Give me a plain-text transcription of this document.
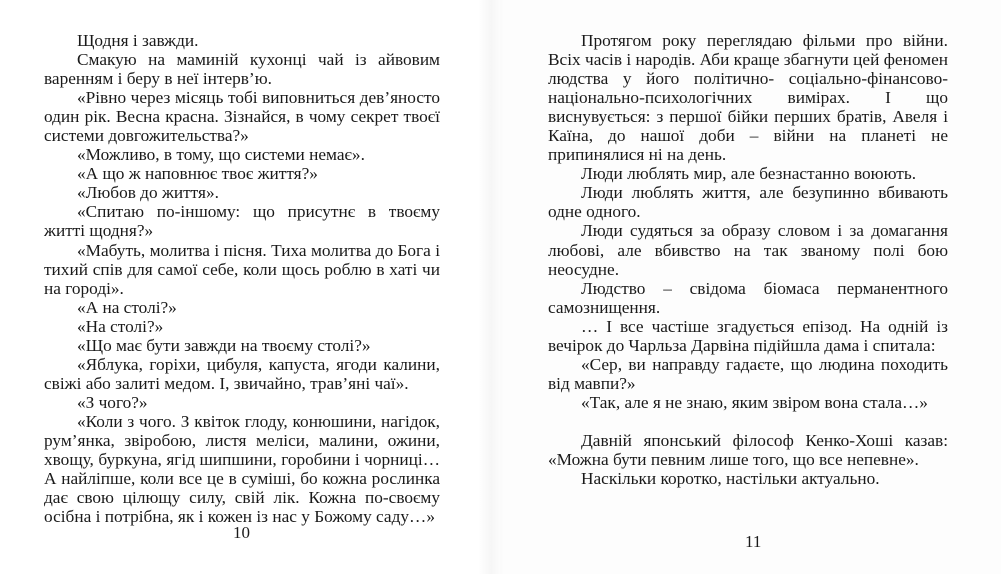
Щодня і завжди.

Смакую на маминій кухонці чай із айвовим варенням і беру в неї інтерв’ю.

«Рівно через місяць тобі виповниться дев’яносто один рік. Весна красна. Зізнайся, в чому секрет твоєї системи довгожительства?»

«Можливо, в тому, що системи немає».

«А що ж наповнює твоє життя?»

«Любов до життя».

«Спитаю по-іншому: що присутнє в твоєму житті щодня?»

«Мабуть, молитва і пісня. Тиха молитва до Бога і тихий спів для самої себе, коли щось роблю в хаті чи на городі».

«А на столі?»

«На столі?»

«Що має бути завжди на твоєму столі?»

«Яблука, горіхи, цибуля, капуста, ягоди калини, свіжі або залиті медом. І, звичайно, трав’яні чаї».

«З чого?»

«Коли з чого. З квіток глоду, конюшини, нагідок, рум’янка, звіробою, листя меліси, малини, ожини, хвощу, буркуна, ягід шипшини, горобини і чорниці… А найліпше, коли все це в суміші, бо кожна рослинка дає свою цілющу силу, свій лік. Кожна по-своєму осібна і потрібна, як і кожен із нас у Божому саду…»

10

Протягом року переглядаю фільми про війни. Всіх часів і народів. Аби краще збагнути цей феномен людства у його політично- соціально-фінансово-національно-психологічних вимірах. І що виснувується: з першої бійки перших братів, Авеля і Каїна, до нашої доби – війни на планеті не припинялися ні на день.

Люди люблять мир, але безнастанно воюють.

Люди люблять життя, але безупинно вбивають одне одного.

Люди судяться за образу словом і за домагання любові, але вбивство на так званому полі бою неосудне.

Людство – свідома біомаса перманентного самознищення.

… І все частіше згадується епізод. На одній із вечірок до Чарльза Дарвіна підійшла дама і спитала:

«Сер, ви направду гадаєте, що людина походить від мавпи?»

«Так, але я не знаю, яким звіром вона стала…»

Давній японський філософ Кенко-Хоші казав: «Можна бути певним лише того, що все непевне».

Наскільки коротко, настільки актуально.

11
